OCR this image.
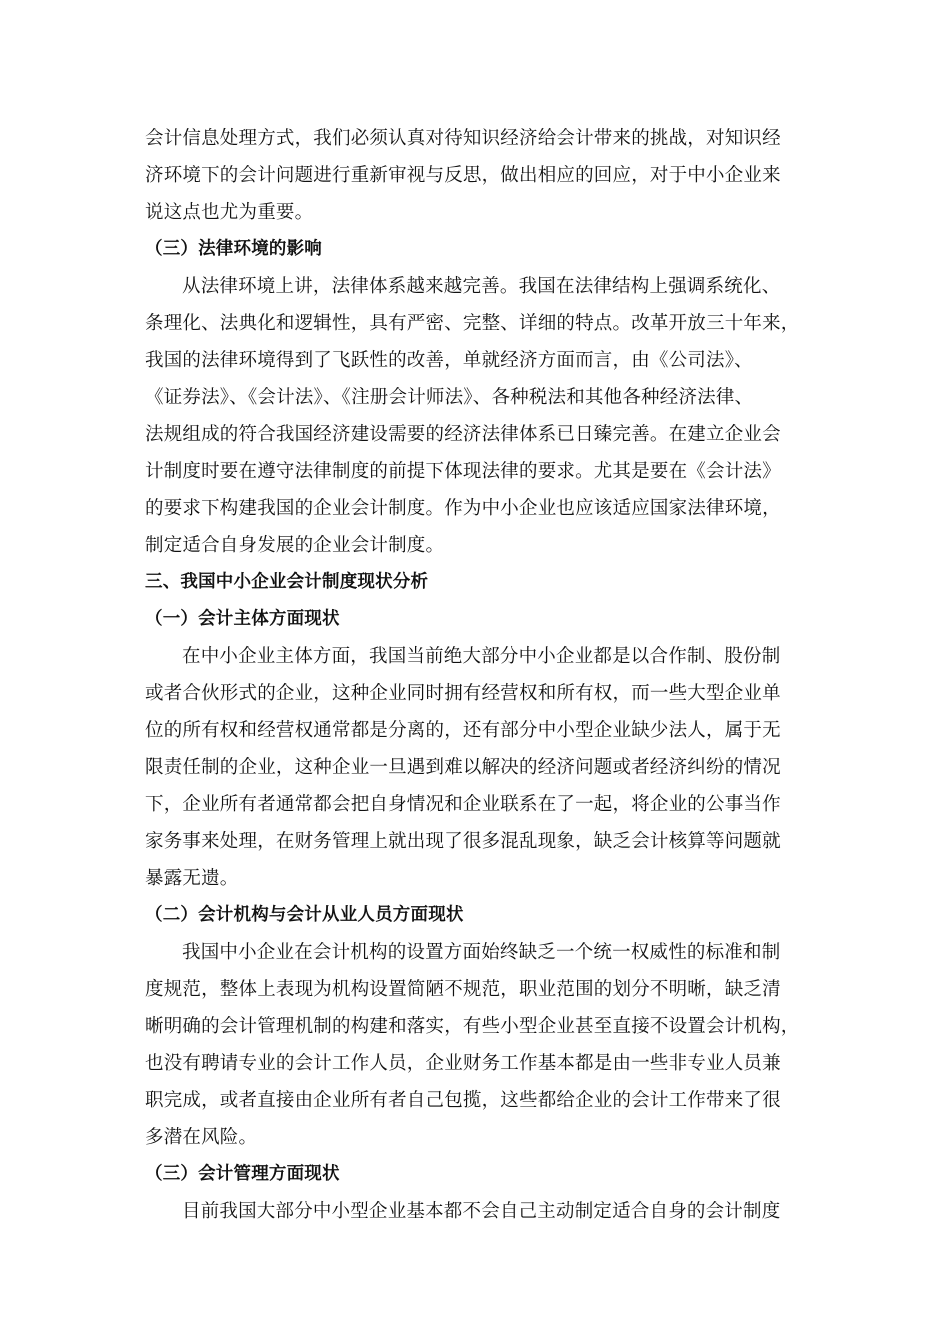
会计信息处理方式，我们必须认真对待知识经济给会计带来的挑战，对知识经
济环境下的会计问题进行重新审视与反思，做出相应的回应，对于中小企业来
说这点也尤为重要。
（三）法律环境的影响
从法律环境上讲，法律体系越来越完善。我国在法律结构上强调系统化、
条理化、法典化和逻辑性，具有严密、完整、详细的特点。改革开放三十年来，
我国的法律环境得到了飞跃性的改善，单就经济方面而言，由《公司法》、
《证券法》、《会计法》、《注册会计师法》、各种税法和其他各种经济法律、
法规组成的符合我国经济建设需要的经济法律体系已日臻完善。在建立企业会
计制度时要在遵守法律制度的前提下体现法律的要求。尤其是要在《会计法》
的要求下构建我国的企业会计制度。作为中小企业也应该适应国家法律环境，
制定适合自身发展的企业会计制度。
三、我国中小企业会计制度现状分析
（一）会计主体方面现状
在中小企业主体方面，我国当前绝大部分中小企业都是以合作制、股份制
或者合伙形式的企业，这种企业同时拥有经营权和所有权，而一些大型企业单
位的所有权和经营权通常都是分离的，还有部分中小型企业缺少法人，属于无
限责任制的企业，这种企业一旦遇到难以解决的经济问题或者经济纠纷的情况
下，企业所有者通常都会把自身情况和企业联系在了一起，将企业的公事当作
家务事来处理，在财务管理上就出现了很多混乱现象，缺乏会计核算等问题就
暴露无遗。
（二）会计机构与会计从业人员方面现状
我国中小企业在会计机构的设置方面始终缺乏一个统一权威性的标准和制
度规范，整体上表现为机构设置简陋不规范，职业范围的划分不明晰，缺乏清
晰明确的会计管理机制的构建和落实，有些小型企业甚至直接不设置会计机构，
也没有聘请专业的会计工作人员，企业财务工作基本都是由一些非专业人员兼
职完成，或者直接由企业所有者自己包揽，这些都给企业的会计工作带来了很
多潜在风险。
（三）会计管理方面现状
目前我国大部分中小型企业基本都不会自己主动制定适合自身的会计制度
